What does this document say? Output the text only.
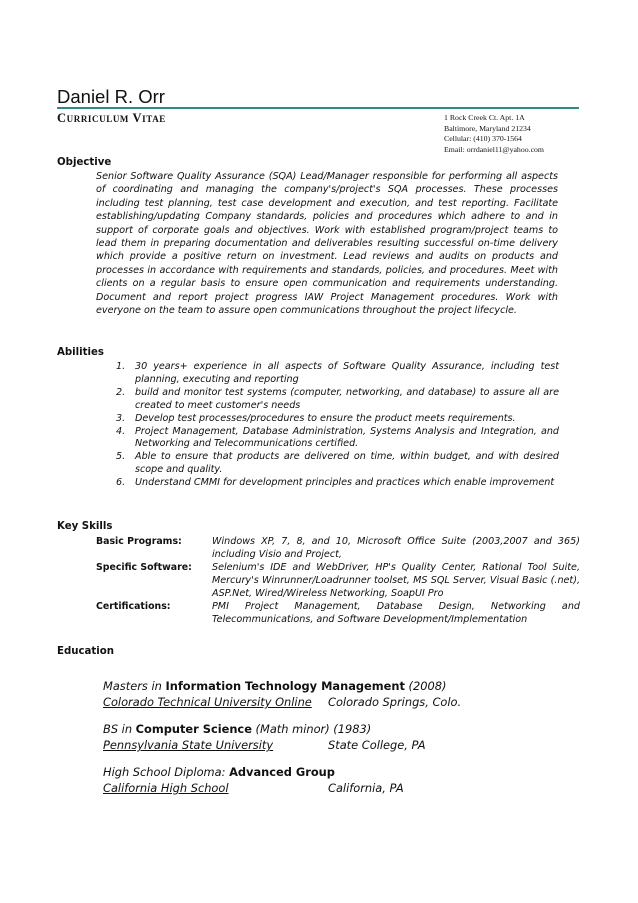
Daniel R. Orr
Curriculum Vitae	1 Rock Creek Ct. Apt. 1A
Baltimore, Maryland 21234
Cellular: (410) 370-1564
Email: orrdaniel11@yahoo.com
Objective
Senior Software Quality Assurance (SQA) Lead/Manager responsible for performing all aspects of coordinating and managing the company's/project's SQA processes. These processes including test planning, test case development and execution, and test reporting. Facilitate establishing/updating Company standards, policies and procedures which adhere to and in support of corporate goals and objectives. Work with established program/project teams to lead them in preparing documentation and deliverables resulting successful on-time delivery which provide a positive return on investment. Lead reviews and audits on products and processes in accordance with requirements and standards, policies, and procedures. Meet with clients on a regular basis to ensure open communication and requirements understanding. Document and report project progress IAW Project Management procedures. Work with everyone on the team to assure open communications throughout the project lifecycle.
Abilities
1.	30 years+ experience in all aspects of Software Quality Assurance, including test planning, executing and reporting
2.	build and monitor test systems (computer, networking, and database) to assure all are created to meet customer's needs
3.	Develop test processes/procedures to ensure the product meets requirements.
4.	Project Management, Database Administration, Systems Analysis and Integration, and Networking and Telecommunications certified.
5.	Able to ensure that products are delivered on time, within budget, and with desired scope and quality.
6.	Understand CMMI for development principles and practices which enable improvement
Key Skills
Basic Programs:	Windows XP, 7, 8, and 10, Microsoft Office Suite (2003,2007 and 365) including Visio and Project,
Specific Software:	Selenium's IDE and WebDriver, HP's Quality Center, Rational Tool Suite, Mercury's Winrunner/Loadrunner toolset, MS SQL Server, Visual Basic (.net), ASP.Net, Wired/Wireless Networking, SoapUI Pro
Certifications:	PMI Project Management, Database Design, Networking and Telecommunications, and Software Development/Implementation
Education
Masters in Information Technology Management (2008)
Colorado Technical University Online	Colorado Springs, Colo.
BS in Computer Science (Math minor) (1983)
Pennsylvania State University	State College, PA
High School Diploma: Advanced Group
California High School	California, PA
